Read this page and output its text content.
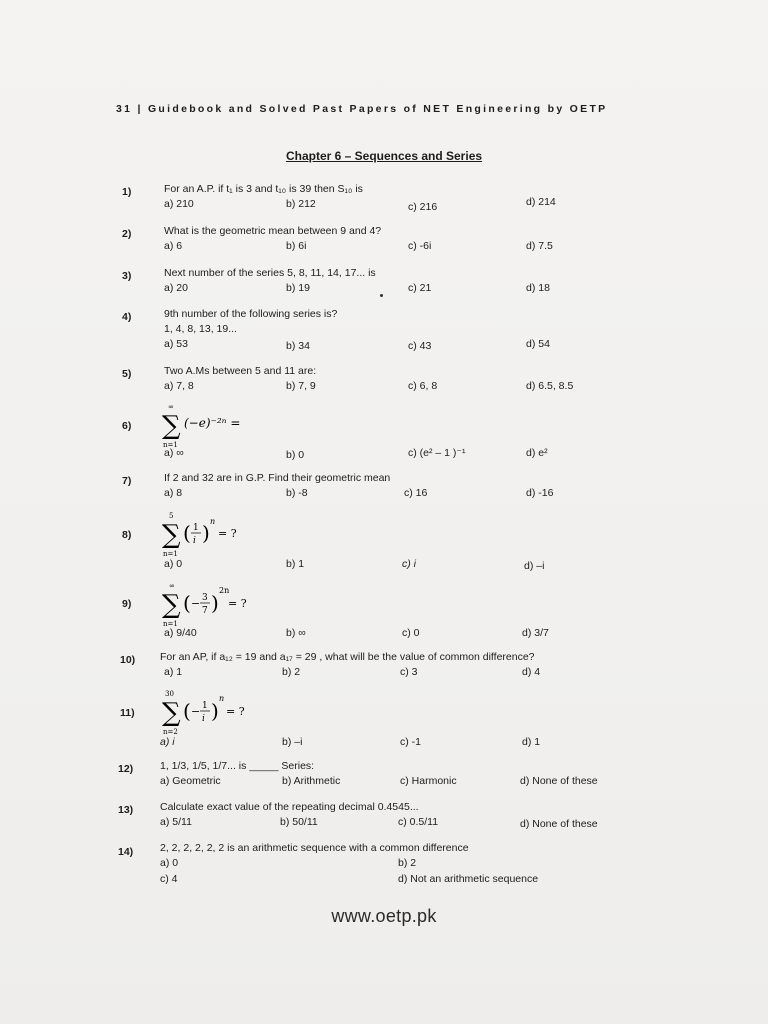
31 | Guidebook and Solved Past Papers of NET Engineering by OETP
Chapter 6 – Sequences and Series
1)	For an A.P. if t₁ is 3 and t₁₀ is 39 then S₁₀ is
a) 210	b) 212	c) 216	d) 214
2)	What is the geometric mean between 9 and 4?
a) 6	b) 6i	c) -6i	d) 7.5
3)	Next number of the series 5, 8, 11, 14, 17... is
a) 20	b) 19	c) 21	d) 18
4)	9th number of the following series is?
1, 4, 8, 13, 19...
a) 53	b) 34	c) 43	d) 54
5)	Two A.Ms between 5 and 11 are:
a) 7, 8	b) 7, 9	c) 6, 8	d) 6.5, 8.5
6)
∞
∑
n=1
(−e)⁻²ⁿ =
a) ∞	b) 0	c) (e² – 1 )⁻¹	d) e²
7)	If 2 and 32 are in G.P. Find their geometric mean
a) 8	b) -8	c) 16	d) -16
8)
5
∑
n=1
( 1
i ) n
= ?
a) 0	b) 1	c) i	d) –i
9)
∞
∑
n=1
( − 3
7 )
2n
= ?
a) 9/40	b) ∞	c) 0	d) 3/7
10) For an AP, if a₁₂ = 19 and a₁₇ = 29 , what will be the value of common difference?
a) 1	b) 2	c) 3	d) 4
11)
30
∑
n=2
( − 1
i )
n
= ?
a) i	b) –i	c) -1	d) 1
12)	1, 1/3, 1/5, 1/7... is _____ Series:
a) Geometric	b) Arithmetic	c) Harmonic	d) None of these
13)	Calculate exact value of the repeating decimal 0.4545...
a) 5/11	b) 50/11	c) 0.5/11	d) None of these
14)	2, 2, 2, 2, 2, 2 is an arithmetic sequence with a common difference
a) 0	b) 2
c) 4	d) Not an arithmetic sequence
www.oetp.pk
